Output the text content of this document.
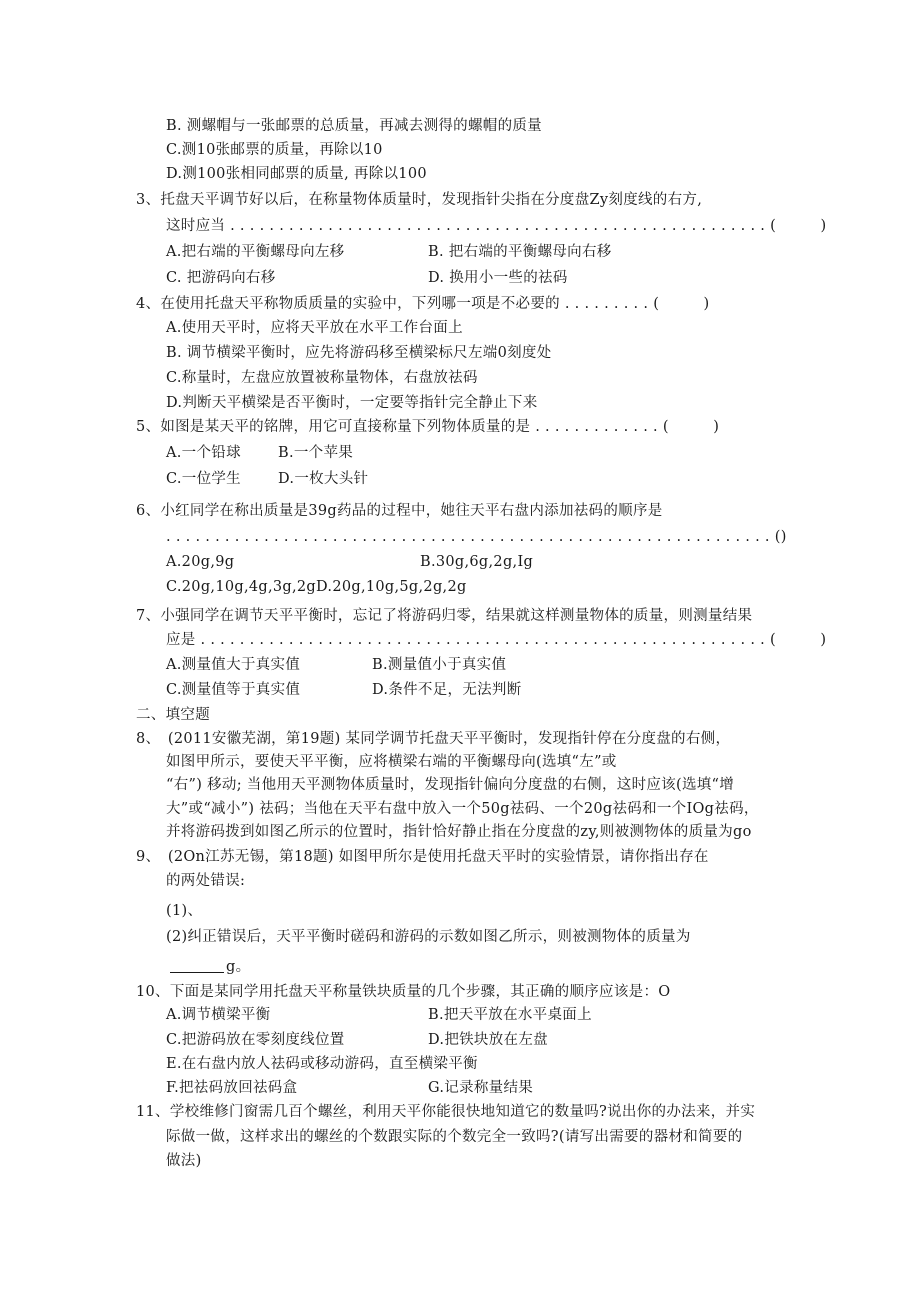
B. 测螺帽与一张邮票的总质量，再减去测得的螺帽的质量
C.测10张邮票的质量，再除以10
D.测100张相同邮票的质量, 再除以100
3、托盘天平调节好以后，在称量物体质量时，发现指针尖指在分度盘Zy刻度线的右方,
这时应当 . . . . . . . . . . . . . . . . . . . . . . . . . . . . . . . . . . . . . . . . . . . . . . . . . . . . . . . (　　　)
A.把右端的平衡螺母向左移	B. 把右端的平衡螺母向右移
C. 把游码向右移	D. 换用小一些的祛码
4、在使用托盘天平称物质质量的实验中，下列哪一项是不必要的 . . . . . . . . . (　　　)
A.使用天平时，应将天平放在水平工作台面上
B. 调节横梁平衡时，应先将游码移至横梁标尺左端0刻度处
C.称量时，左盘应放置被称量物体，右盘放祛码
D.判断天平横梁是否平衡时，一定要等指针完全静止下来
5、如图是某天平的铭牌，用它可直接称量下列物体质量的是 . . . . . . . . . . . . . (　　　)
A.一个铅球	B.一个苹果
C.一位学生	D.一枚大头针
6、小红同学在称出质量是39g药品的过程中，她往天平右盘内添加祛码的顺序是
. . . . . . . . . . . . . . . . . . . . . . . . . . . . . . . . . . . . . . . . . . . . . . . . . . . . . . . . . . . . . . ()
A.20g,9g	B.30g,6g,2g,Ig
C.20g,10g,4g,3g,2gD.20g,10g,5g,2g,2g
7、小强同学在调节天平平衡时，忘记了将游码归零，结果就这样测量物体的质量，则测量结果
应是 . . . . . . . . . . . . . . . . . . . . . . . . . . . . . . . . . . . . . . . . . . . . . . . . . . . . . . . . . . (　　　)
A.测量值大于真实值	B.测量值小于真实值
C.测量值等于真实值	D.条件不足，无法判断
二、填空题
8、　(2011安徽芜湖，第19题) 某同学调节托盘天平平衡时，发现指针停在分度盘的右侧，
如图甲所示，要使天平平衡，应将横梁右端的平衡螺母向(选填“左”或
“右”) 移动; 当他用天平测物体质量时，发现指针偏向分度盘的右侧，这时应该(选填“增
大”或“减小”) 祛码；当他在天平右盘中放入一个50g祛码、一个20g祛码和一个IOg祛码，
并将游码拨到如图乙所示的位置时，指针恰好静止指在分度盘的zy,则被测物体的质量为go
9、　(2On江苏无锡，第18题) 如图甲所尔是使用托盘天平时的实验情景，请你指出存在
的两处错误:
(1)、
(2)纠正错误后，天平平衡时磋码和游码的示数如图乙所示，则被测物体的质量为
g。
10、下面是某同学用托盘天平称量铁块质量的几个步骤，其正确的顺序应该是：O
A.调节横梁平衡	B.把天平放在水平桌面上
C.把游码放在零刻度线位置	D.把铁块放在左盘
E.在右盘内放人祛码或移动游码，直至横梁平衡
F.把祛码放回祛码盒	G.记录称量结果
11、学校维修门窗需几百个螺丝，利用天平你能很快地知道它的数量吗?说出你的办法来，并实
际做一做，这样求出的螺丝的个数跟实际的个数完全一致吗?(请写出需要的器材和简要的
做法)
